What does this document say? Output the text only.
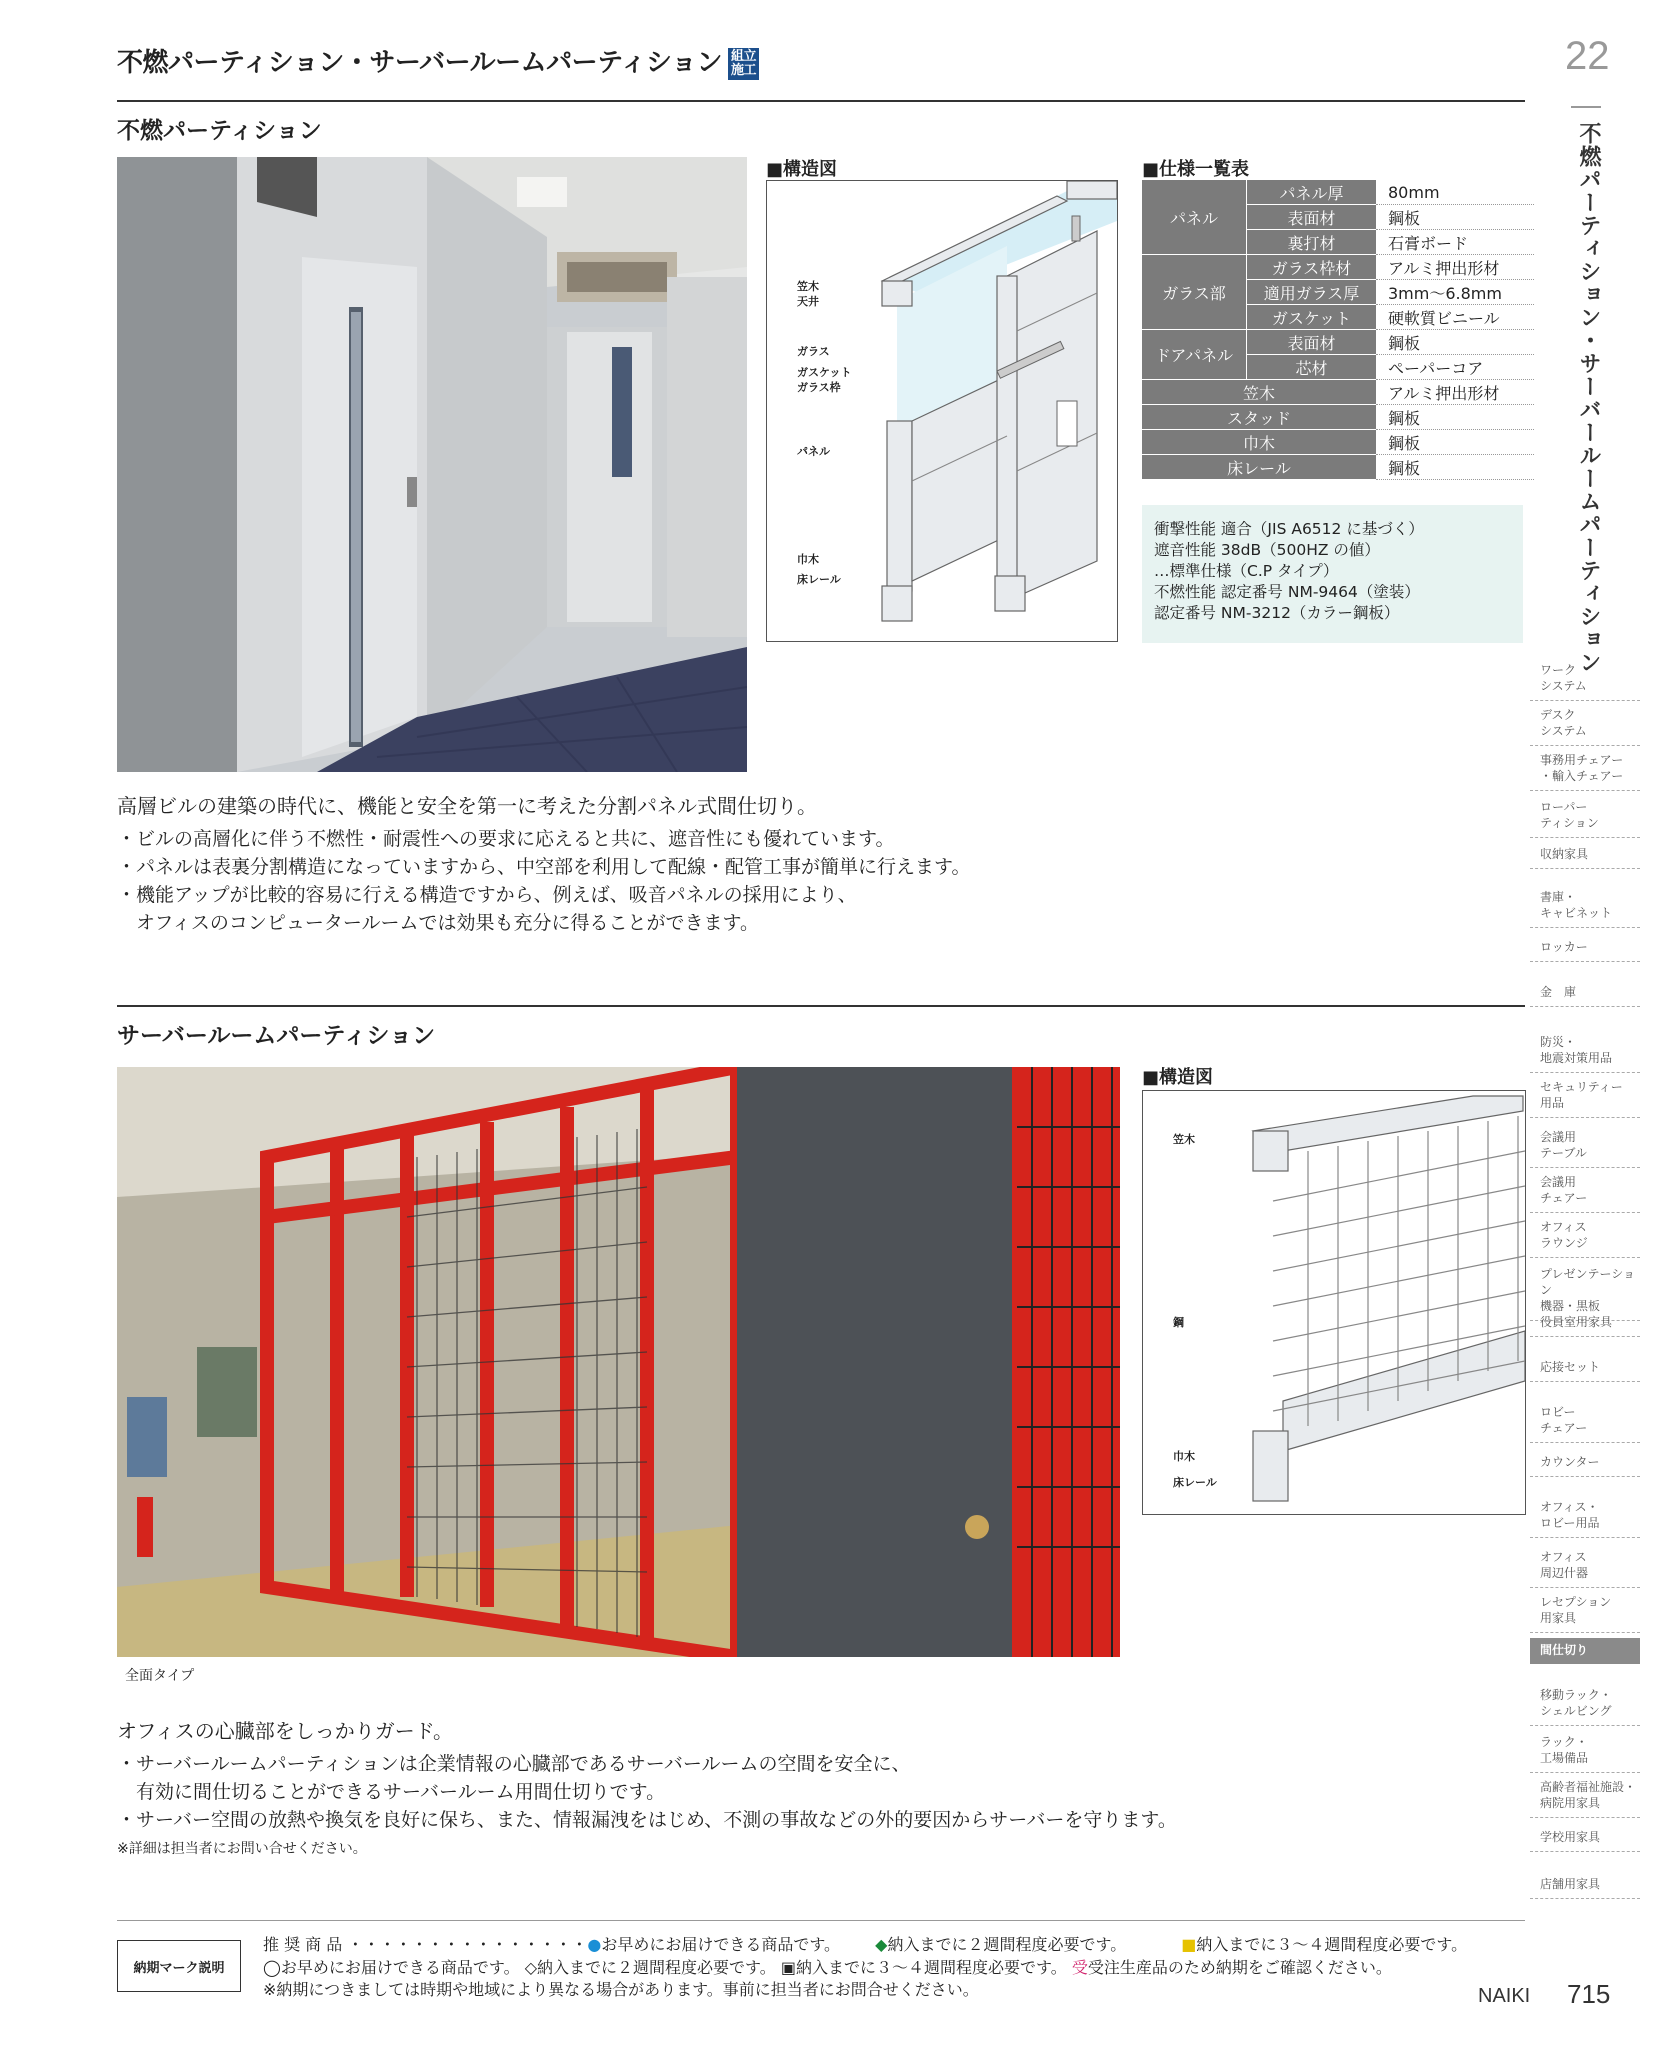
不燃パーティション・サーバールームパーティション 組立
施工	22
不燃パーティション・サーバールームパーティション
不燃パーティション
■構造図
笠木
天井
ガラス
ガスケット
ガラス枠
パネル
巾木
床レール
■仕様一覧表
パネル	パネル厚	80mm
	表面材	鋼板
	裏打材	石膏ボード
ガラス部	ガラス枠材	アルミ押出形材
	適用ガラス厚	3mm～6.8mm
	ガスケット	硬軟質ビニール
ドアパネル	表面材	鋼板
	芯材	ペーパーコア
笠木		アルミ押出形材
スタッド		鋼板
巾木		鋼板
床レール		鋼板
衝撃性能 適合（JIS A6512 に基づく）
遮音性能 38dB（500HZ の値）
…標準仕様（C.P タイプ）
不燃性能 認定番号 NM-9464（塗装）
認定番号 NM-3212（カラー鋼板）
高層ビルの建築の時代に、機能と安全を第一に考えた分割パネル式間仕切り。
・ビルの高層化に伴う不燃性・耐震性への要求に応えると共に、遮音性にも優れています。
・パネルは表裏分割構造になっていますから、中空部を利用して配線・配管工事が簡単に行えます。
・機能アップが比較的容易に行える構造ですから、例えば、吸音パネルの採用により、
　オフィスのコンピュータールームでは効果も充分に得ることができます。
サーバールームパーティション
全面タイプ
■構造図
笠木
鋼
巾木
床レール
オフィスの心臓部をしっかりガード。
・サーバールームパーティションは企業情報の心臓部であるサーバールームの空間を安全に、
　有効に間仕切ることができるサーバールーム用間仕切りです。
・サーバー空間の放熱や換気を良好に保ち、また、情報漏洩をはじめ、不測の事故などの外的要因からサーバーを守ります。
※詳細は担当者にお問い合せください。
ワーク
システム
デスク
システム
事務用チェアー
・輸入チェアー
ローパー
ティション
収納家具
書庫・
キャビネット
ロッカー
金　庫
防災・
地震対策用品
セキュリティー
用品
会議用
テーブル
会議用
チェアー
オフィス
ラウンジ
プレゼンテーション
機器・黒板
役員室用家具
応接セット
ロビー
チェアー
カウンター
オフィス・
ロビー用品
オフィス
周辺什器
レセプション
用家具
間仕切り
移動ラック・
シェルビング
ラック・
工場備品
高齢者福祉施設・
病院用家具
学校用家具
店舗用家具
納期マーク説明
推 奨 商 品 ・・・・・・・・・・・・・・・●お早めにお届けできる商品です。 ◆納入までに２週間程度必要です。	■納入までに３～４週間程度必要です。
◯お早めにお届けできる商品です。 ◇納入までに２週間程度必要です。 ▣納入までに３～４週間程度必要です。 受受注生産品のため納期をご確認ください。
※納期につきましては時期や地域により異なる場合があります。事前に担当者にお問合せください。	NAIKI 715
